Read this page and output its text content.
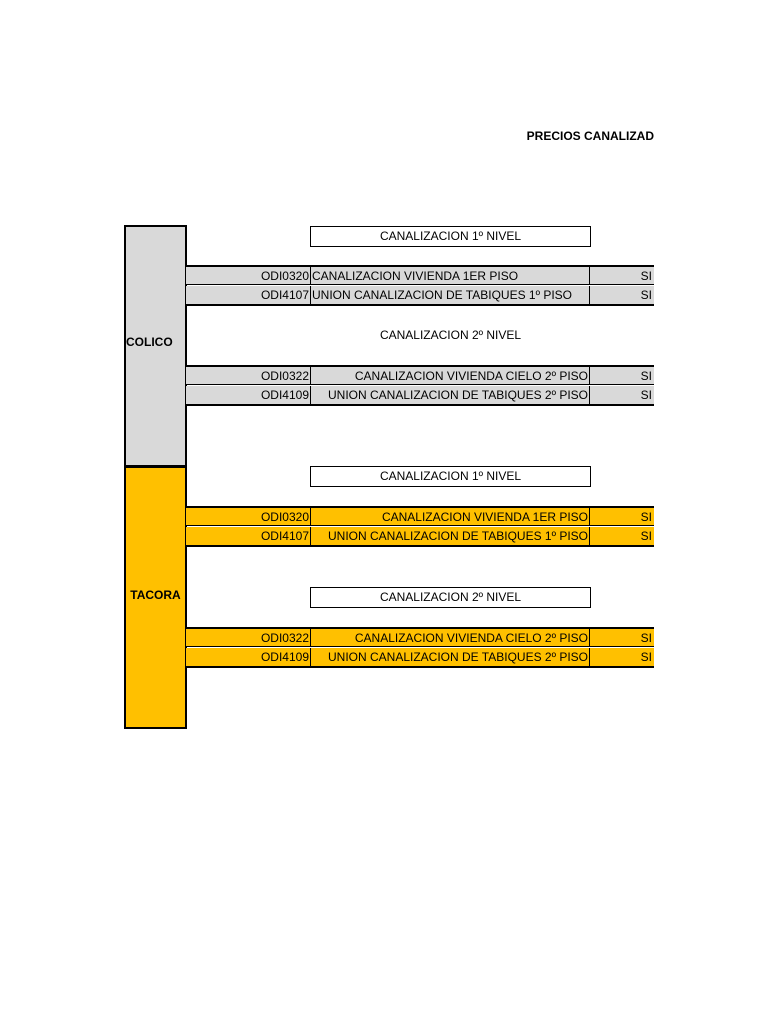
PRECIOS CANALIZAD
COLICO
CANALIZACION 1º NIVEL
ODI0320 CANALIZACION VIVIENDA 1ER PISO	SI
ODI4107 UNION CANALIZACION DE TABIQUES 1º PISO	SI
CANALIZACION 2º NIVEL
ODI0322	CANALIZACION VIVIENDA CIELO 2º PISO	SI
ODI4109	UNION CANALIZACION DE TABIQUES 2º PISO	SI
TACORA
CANALIZACION 1º NIVEL
ODI0320	CANALIZACION VIVIENDA 1ER PISO	SI
ODI4107	UNION CANALIZACION DE TABIQUES 1º PISO	SI
CANALIZACION 2º NIVEL
ODI0322	CANALIZACION VIVIENDA CIELO 2º PISO	SI
ODI4109	UNION CANALIZACION DE TABIQUES 2º PISO	SI
